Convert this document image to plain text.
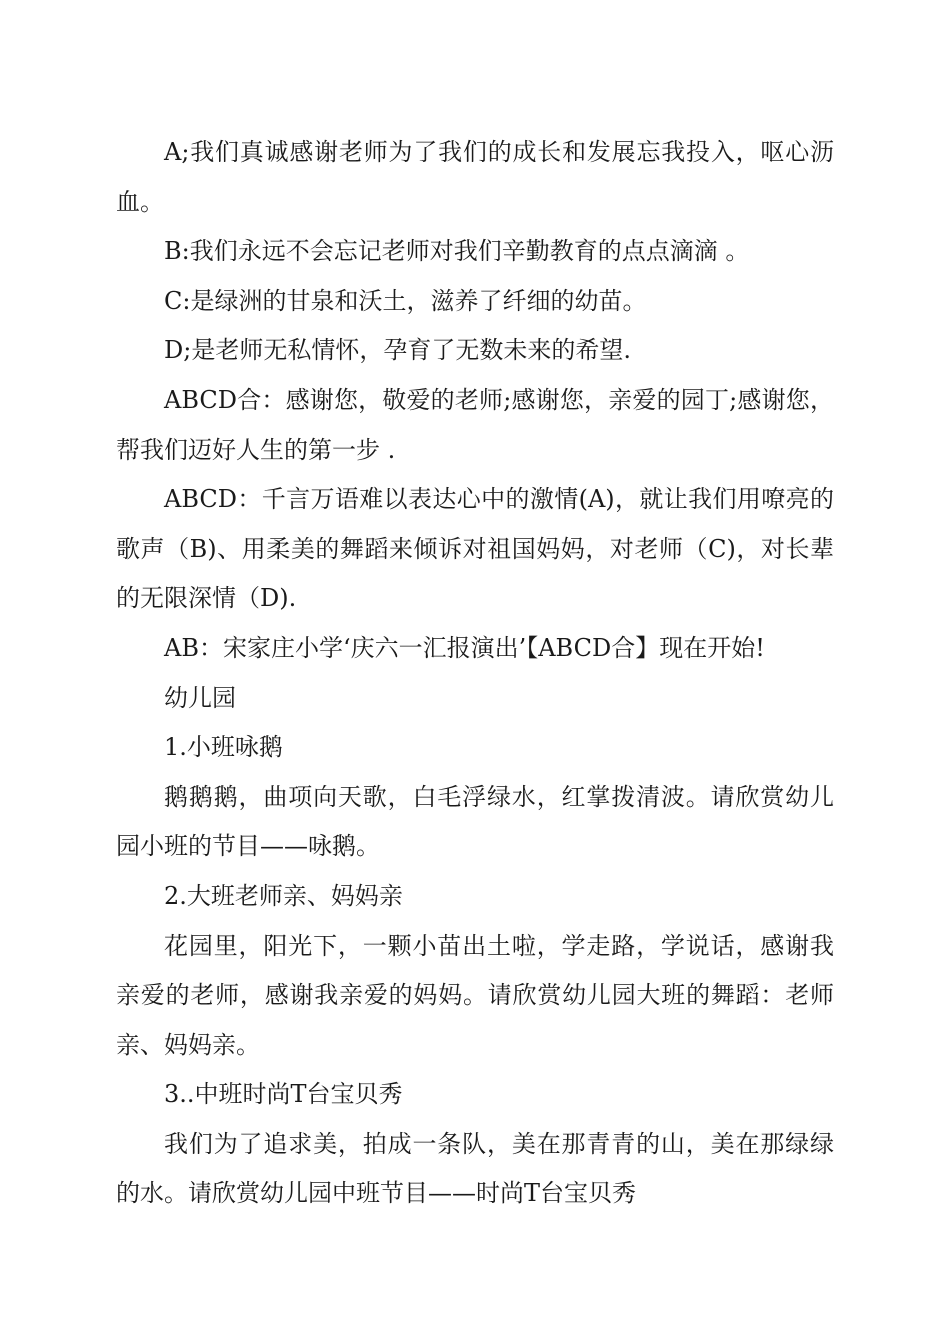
A;我们真诚感谢老师为了我们的成长和发展忘我投入，呕心沥血。

B:我们永远不会忘记老师对我们辛勤教育的点点滴滴 。

C:是绿洲的甘泉和沃土，滋养了纤细的幼苗。

D;是老师无私情怀，孕育了无数未来的希望.

ABCD合：感谢您，敬爱的老师;感谢您，亲爱的园丁;感谢您，帮我们迈好人生的第一步 .

ABCD：千言万语难以表达心中的激情(A)，就让我们用嘹亮的歌声（B)、用柔美的舞蹈来倾诉对祖国妈妈，对老师（C)，对长辈的无限深情（D).

AB：宋家庄小学‘庆六一汇报演出’【ABCD合】现在开始!

幼儿园

1.小班咏鹅

鹅鹅鹅，曲项向天歌，白毛浮绿水，红掌拨清波。请欣赏幼儿园小班的节目——咏鹅。

2.大班老师亲、妈妈亲

花园里，阳光下，一颗小苗出土啦，学走路，学说话，感谢我亲爱的老师，感谢我亲爱的妈妈。请欣赏幼儿园大班的舞蹈：老师亲、妈妈亲。

3..中班时尚T台宝贝秀

我们为了追求美，拍成一条队，美在那青青的山，美在那绿绿的水。请欣赏幼儿园中班节目——时尚T台宝贝秀
